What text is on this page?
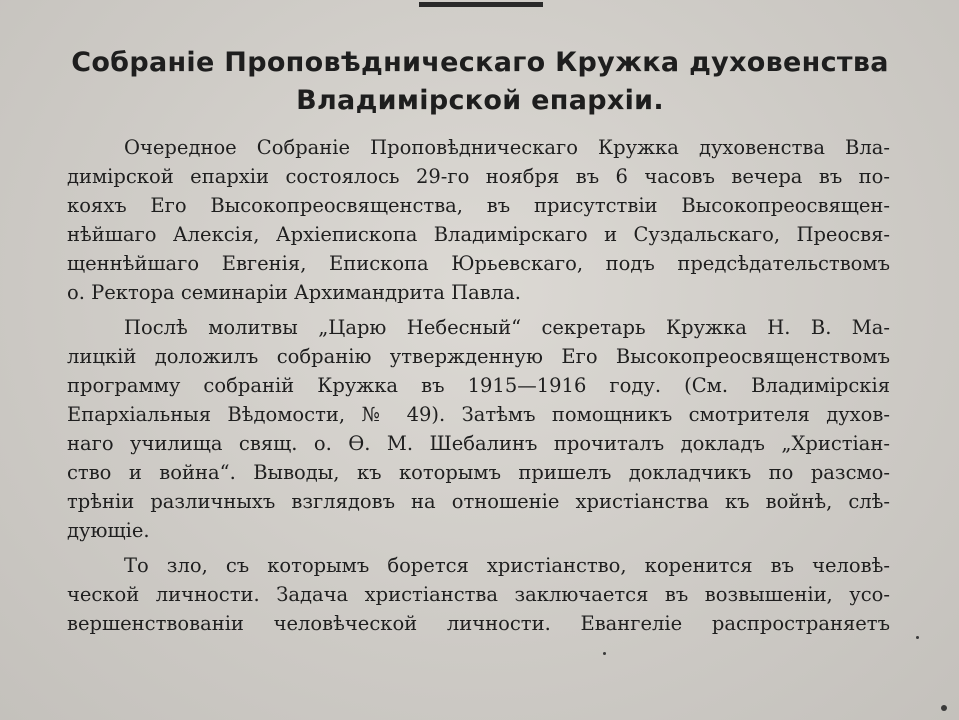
Собраніе Проповѣдническаго Кружка духовенства
Владимірской епархіи.
Очередное Собраніе Проповѣдническаго Кружка духовенства Вла-
димірской епархіи состоялось 29-го ноября въ 6 часовъ вечера въ по-
кояхъ Его Высокопреосвященства, въ присутствіи Высокопреосвящен-
нѣйшаго Алексія, Архіепископа Владимірскаго и Суздальскаго, Преосвя-
щеннѣйшаго Евгенія, Епископа Юрьевскаго, подъ предсѣдательствомъ
о. Ректора семинаріи Архимандрита Павла.
Послѣ молитвы „Царю Небесный“ секретарь Кружка Н. В. Ма-
лицкій доложилъ собранію утвержденную Его Высокопреосвященствомъ
программу собраній Кружка въ 1915—1916 году. (См. Владимірскія
Епархіальныя Вѣдомости, № 49). Затѣмъ помощникъ смотрителя духов-
наго училища свящ. о. Ѳ. М. Шебалинъ прочиталъ докладъ „Христіан-
ство и война“. Выводы, къ которымъ пришелъ докладчикъ по разсмо-
трѣніи различныхъ взглядовъ на отношеніе христіанства къ войнѣ, слѣ-
дующіе.
То зло, съ которымъ борется христіанство, коренится въ человѣ-
ческой личности. Задача христіанства заключается въ возвышеніи, усо-
вершенствованіи человѣческой личности. Евангеліе распространяетъ
